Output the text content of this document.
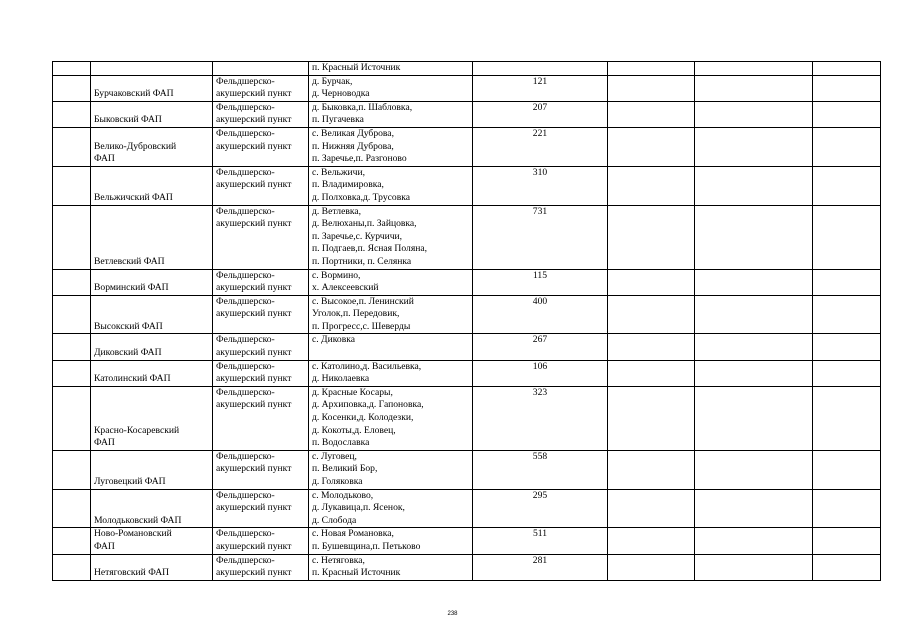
			п. Красный Источник				

	Бурчаковский ФАП	Фельдшерско-
акушерский пункт	д. Бурчак,
д. Черноводка	121			

	Быковский ФАП	Фельдшерско-
акушерский пункт	д. Быковка,п. Шабловка,
п. Пугачевка	207			

	Велико-Дубровский
ФАП	Фельдшерско-
акушерский пункт	с. Великая Дуброва,
п. Нижняя Дуброва,
п. Заречье,п. Разгоново	221			

	Вельжичский ФАП	Фельдшерско-
акушерский пункт	с. Вельжичи,
п. Владимировка,
д. Полховка,д. Трусовка	310			

	Ветлевский ФАП	Фельдшерско-
акушерский пункт	д. Ветлевка,
д. Велюханы,п. Зайцовка,
п. Заречье,с. Курчичи,
п. Подгаев,п. Ясная Поляна,
п. Портники, п. Селянка	731			

	Ворминский ФАП	Фельдшерско-
акушерский пункт	с. Вормино,
х. Алексеевский	115			

	Высокский ФАП	Фельдшерско-
акушерский пункт	с. Высокое,п. Ленинский
Уголок,п. Передовик,
п. Прогресс,с. Шеверды	400			

	Диковский ФАП	Фельдшерско-
акушерский пункт	с. Диковка	267			

	Католинский ФАП	Фельдшерско-
акушерский пункт	с. Католино,д. Васильевка,
д. Николаевка	106			

	Красно-Косаревский
ФАП	Фельдшерско-
акушерский пункт	д. Красные Косары,
д. Архиповка,д. Гапоновка,
д. Косенки,д. Колодезки,
д. Кокоты,д. Еловец,
п. Водославка	323			

	Луговецкий ФАП	Фельдшерско-
акушерский пункт	с. Луговец,
п. Великий Бор,
д. Голяковка	558			

	Молодьковский ФАП	Фельдшерско-
акушерский пункт	с. Молодьково,
д. Лукавица,п. Ясенок,
д. Слобода	295			

	Ново-Романовский
ФАП	Фельдшерско-
акушерский пункт	с. Новая Романовка,
п. Бушевщина,п. Петьково	511			

	Нетяговский ФАП	Фельдшерско-
акушерский пункт	с. Нетяговка,
п. Красный Источник	281			
238
